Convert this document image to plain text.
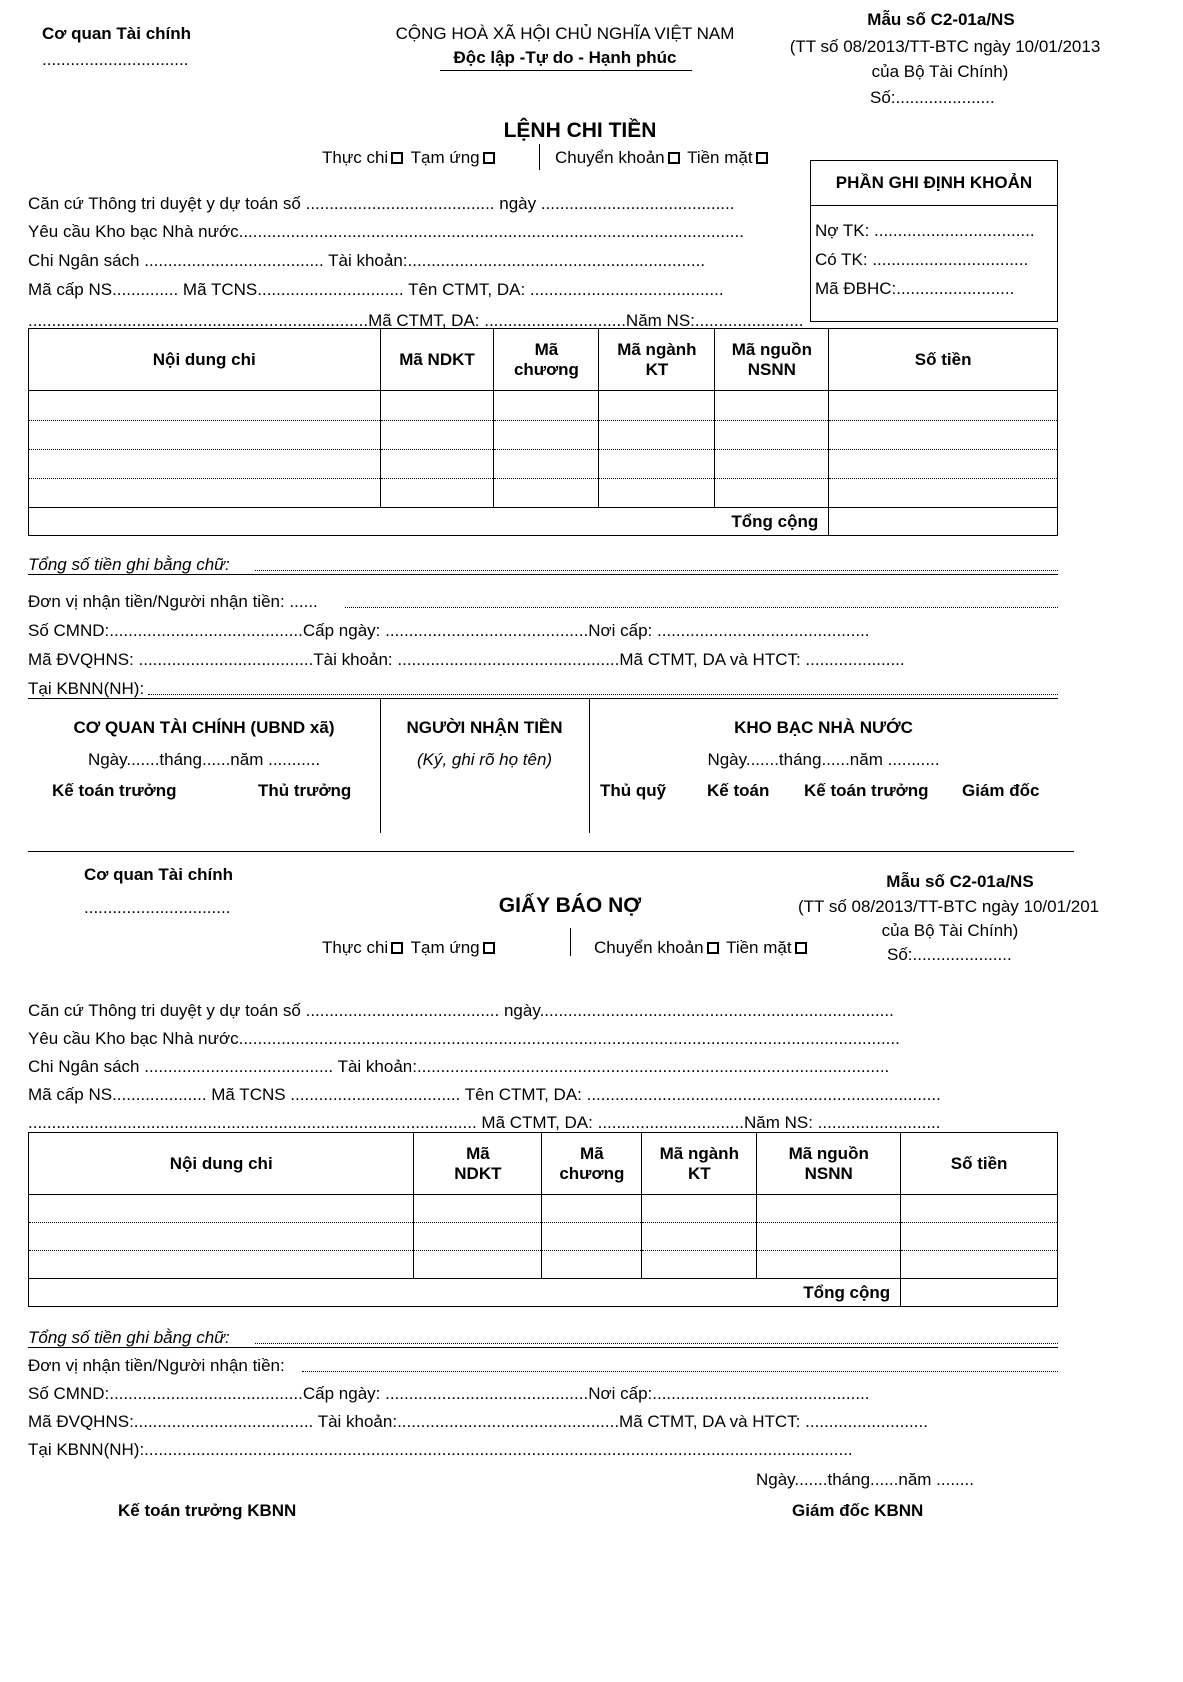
Cơ quan Tài chính
...............................
CỘNG HOÀ XÃ HỘI CHỦ NGHĨA VIỆT NAM
Độc lập -Tự do - Hạnh phúc
Mẫu số C2-01a/NS
(TT số 08/2013/TT-BTC ngày 10/01/2013
của Bộ Tài Chính)
Số:.....................
LỆNH CHI TIỀN
Thực chi Tạm ứng	Chuyển khoản Tiền mặt
Căn cứ Thông tri duyệt y dự toán số ........................................ ngày .........................................
Yêu cầu Kho bạc Nhà nước...........................................................................................................
Chi Ngân sách ...................................... Tài khoản:...............................................................
Mã cấp NS.............. Mã TCNS............................... Tên CTMT, DA: .........................................
........................................................................Mã CTMT, DA: ..............................Năm NS:.......................
PHẦN GHI ĐỊNH KHOẢN
Nợ TK: ..................................
Có TK: .................................
Mã ĐBHC:.........................
Nội dung chi	Mã NDKT	Mã chương	Mã ngành KT	Mã nguồn NSNN	Số tiền

Tổng cộng					
Tổng số tiền ghi bằng chữ:
Đơn vị nhận tiền/Người nhận tiền: ......
Số CMND:.........................................Cấp ngày: ...........................................Nơi cấp: .............................................
Mã ĐVQHNS: .....................................Tài khoản: ...............................................Mã CTMT, DA và HTCT: .....................
Tại KBNN(NH):
CƠ QUAN TÀI CHÍNH (UBND xã)
Ngày.......tháng......năm ...........
Kế toán trưởng	Thủ trưởng
NGƯỜI NHẬN TIỀN
(Ký, ghi rõ họ tên)
KHO BẠC NHÀ NƯỚC
Ngày.......tháng......năm ...........
Thủ quỹ Kế toán Kế toán trưởng Giám đốc
Cơ quan Tài chính
...............................	GIẤY BÁO NỢ
Mẫu số C2-01a/NS
(TT số 08/2013/TT-BTC ngày 10/01/201
của Bộ Tài Chính)
Số:.....................
Thực chi Tạm ứng	Chuyển khoản Tiền mặt
Căn cứ Thông tri duyệt y dự toán số ......................................... ngày...........................................................................
Yêu cầu Kho bạc Nhà nước............................................................................................................................................
Chi Ngân sách ........................................ Tài khoản:....................................................................................................
Mã cấp NS.................... Mã TCNS .................................... Tên CTMT, DA: ...........................................................................
............................................................................................... Mã CTMT, DA: ...............................Năm NS: ..........................
Nội dung chi	Mã NDKT	Mã chương	Mã ngành KT	Mã nguồn NSNN	Số tiền

Tổng cộng					
Tổng số tiền ghi bằng chữ:
Đơn vị nhận tiền/Người nhận tiền:
Số CMND:.........................................Cấp ngày: ...........................................Nơi cấp:..............................................
Mã ĐVQHNS:...................................... Tài khoản:...............................................Mã CTMT, DA và HTCT: ..........................
Tại KBNN(NH):......................................................................................................................................................
Ngày.......tháng......năm ........
Kế toán trưởng KBNN	Giám đốc KBNN
